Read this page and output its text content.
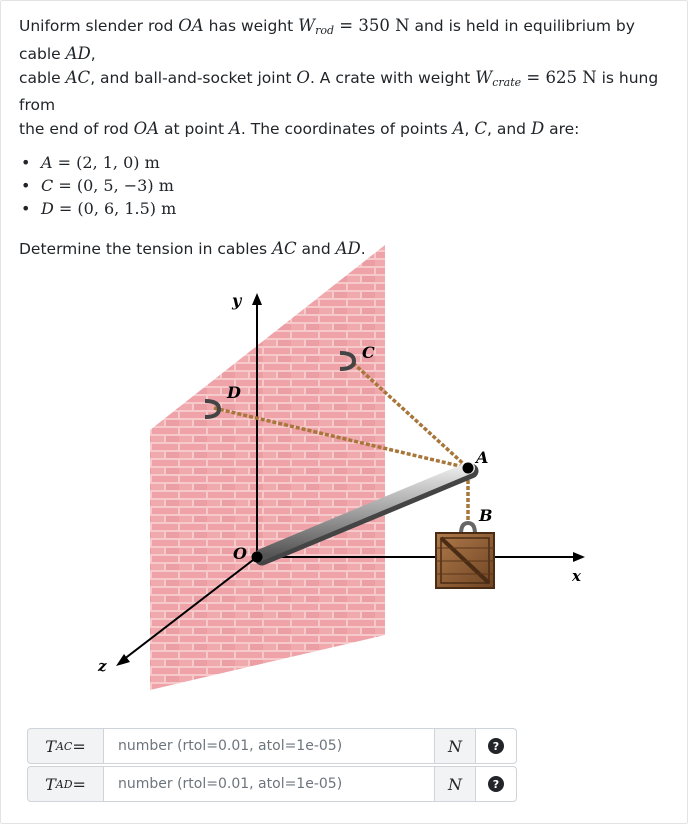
Uniform slender rod OA has weight $W_{rod} = 350$ N and is held in equilibrium by cable AD,
cable AC, and ball-and-socket joint O. A crate with weight $W_{crate} = 625$ N is hung from
the end of rod OA at point A. The coordinates of points A, C, and D are:
• A = (2, 1, 0) m
• C = (0, 5, −3) m
• D = (0, 6, 1.5) m
Determine the tension in cables AC and AD.
y
x
z
O
A
B
C
D
T AC =
number (rtol=0.01, atol=1e-05)	N	?
T AD =
number (rtol=0.01, atol=1e-05)	N	?
